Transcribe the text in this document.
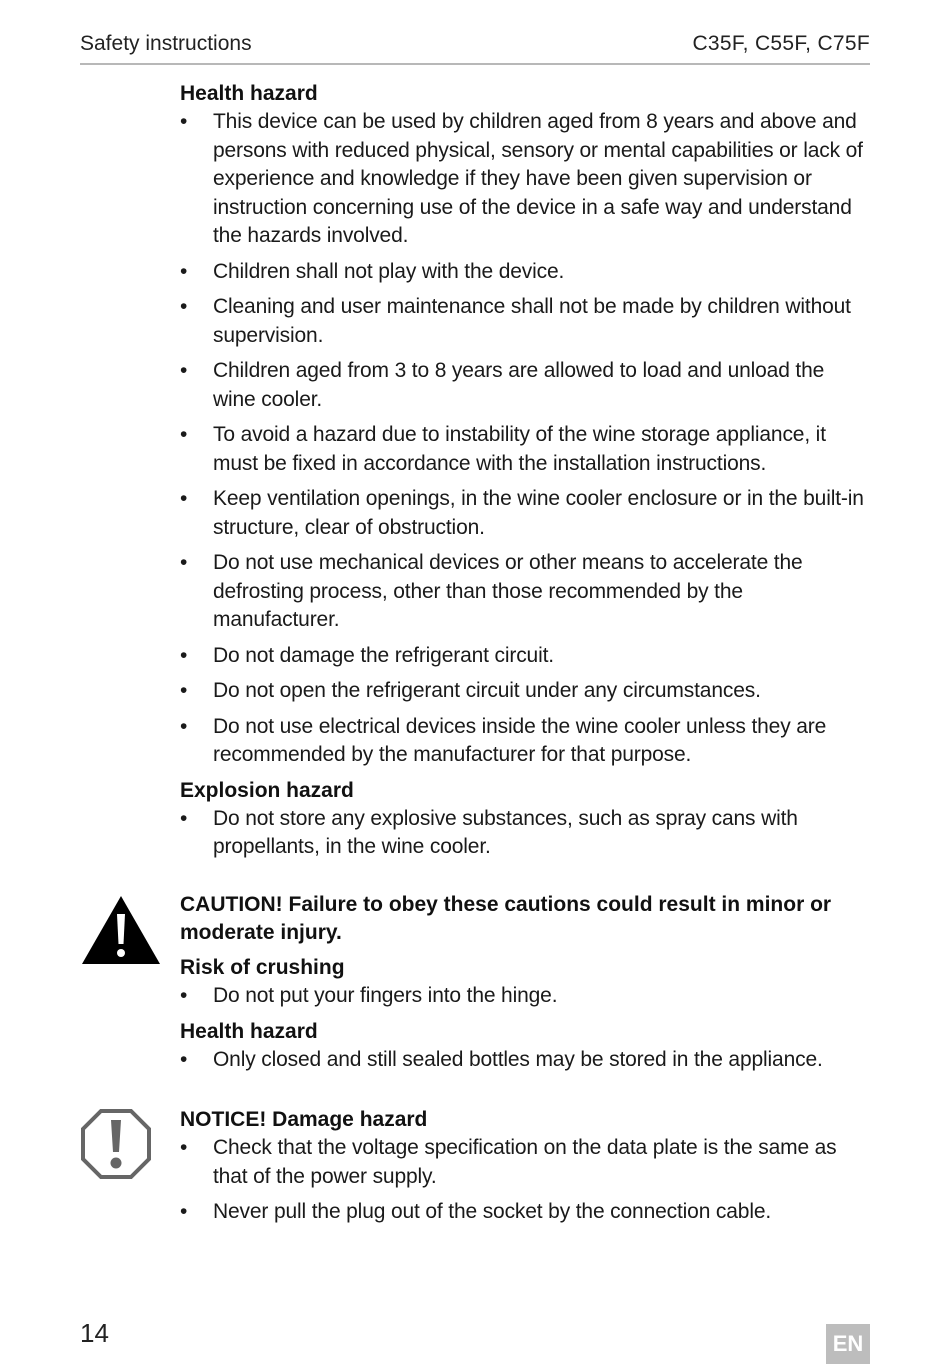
Safety instructions	C35F, C55F, C75F
Health hazard
• This device can be used by children aged from 8 years and above and persons with reduced physical, sensory or mental capabilities or lack of experience and knowledge if they have been given supervision or instruction concerning use of the device in a safe way and understand the hazards involved.
• Children shall not play with the device.
• Cleaning and user maintenance shall not be made by children without supervision.
• Children aged from 3 to 8 years are allowed to load and unload the wine cooler.
• To avoid a hazard due to instability of the wine storage appliance, it must be fixed in accordance with the installation instructions.
• Keep ventilation openings, in the wine cooler enclosure or in the built-in structure, clear of obstruction.
• Do not use mechanical devices or other means to accelerate the defrosting process, other than those recommended by the manufacturer.
• Do not damage the refrigerant circuit.
• Do not open the refrigerant circuit under any circumstances.
• Do not use electrical devices inside the wine cooler unless they are recommended by the manufacturer for that purpose.
Explosion hazard
• Do not store any explosive substances, such as spray cans with propellants, in the wine cooler.
CAUTION! Failure to obey these cautions could result in minor or moderate injury.
Risk of crushing
• Do not put your fingers into the hinge.
Health hazard
• Only closed and still sealed bottles may be stored in the appliance.
NOTICE! Damage hazard
• Check that the voltage specification on the data plate is the same as that of the power supply.
• Never pull the plug out of the socket by the connection cable.
14	EN
